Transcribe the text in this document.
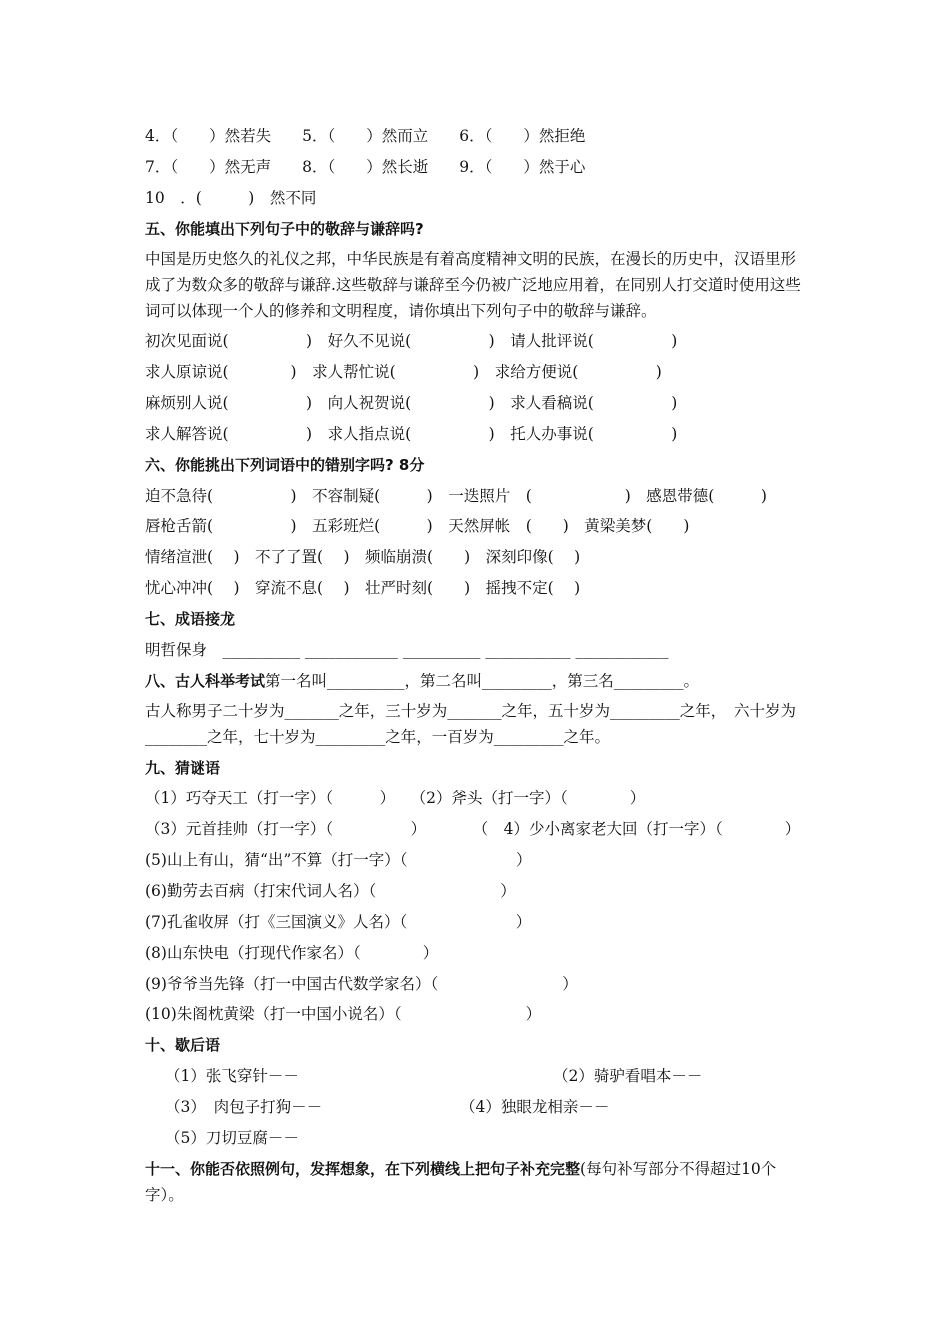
4．（　　）然若失　　5．（　　）然而立　　6．（　　）然拒绝
7．（　　）然无声　　8．（　　）然长逝　　9．（　　）然于心
10　．(　　　)　然不同
五、你能填出下列句子中的敬辞与谦辞吗?
中国是历史悠久的礼仪之邦，中华民族是有着高度精神文明的民族，在漫长的历史中，汉语里形成了为数众多的敬辞与谦辞.这些敬辞与谦辞至今仍被广泛地应用着，在同别人打交道时使用这些词可以体现一个人的修养和文明程度，请你填出下列句子中的敬辞与谦辞。
初次见面说(　　　　　)　好久不见说(　　　　　)　请人批评说(　　　　　)
求人原谅说(　　　　)　求人帮忙说(　　　　　)　求给方便说(　　　　　)
麻烦别人说(　　　　　)　向人祝贺说(　　　　　)　求人看稿说(　　　　　)
求人解答说(　　　　　)　求人指点说(　　　　　)　托人办事说(　　　　　)
六、你能挑出下列词语中的错别字吗? 8分
迫不急待(　　　　　)　不容制疑(　　　)　一迭照片　(　　　　　　)　感恩带德(　　　)
唇枪舌箭(　　　　　)　五彩班烂(　　　)　天然屏帐　(　　)　黄梁美梦(　　)
情绪渲泄(　 )　不了了置(　 )　频临崩溃(　　)　深刻印像(　 )
忧心冲冲(　 )　穿流不息(　 )　壮严时刻(　　)　摇拽不定(　 )
七、成语接龙
明哲保身　__________ ____________ __________ ___________ ____________
八、古人科举考试第一名叫__________，第二名叫_________，第三名_________。
古人称男子二十岁为_______之年，三十岁为_______之年，五十岁为_________之年，　六十岁为________之年，七十岁为_________之年，一百岁为_________之年。
九、猜谜语
（1）巧夺天工（打一字）（　　　）　　（2）斧头（打一字）（　　　　）
（3）元首挂帅（打一字）（　　　　　）　　　　（　4）少小离家老大回（打一字）（　　　　）
(5)山上有山，猜“出”不算（打一字）（　　　　　　　）
(6)勤劳去百病（打宋代词人名）（　　　　　　　　）
(7)孔雀收屏（打《三国演义》人名）（　　　　　　　）
(8)山东快电（打现代作家名）（　　　　）
(9)爷爷当先锋（打一中国古代数学家名）（　　　　　　　　）
(10)朱阁枕黄梁（打一中国小说名）（　　　　　　　　）
十、歇后语
（1）张飞穿针－－	（2）骑驴看唱本－－
（3）　肉包子打狗－－	（4）独眼龙相亲－－
（5）刀切豆腐－－
十一、你能否依照例句，发挥想象，在下列横线上把句子补充完整(每句补写部分不得超过10个字）。
